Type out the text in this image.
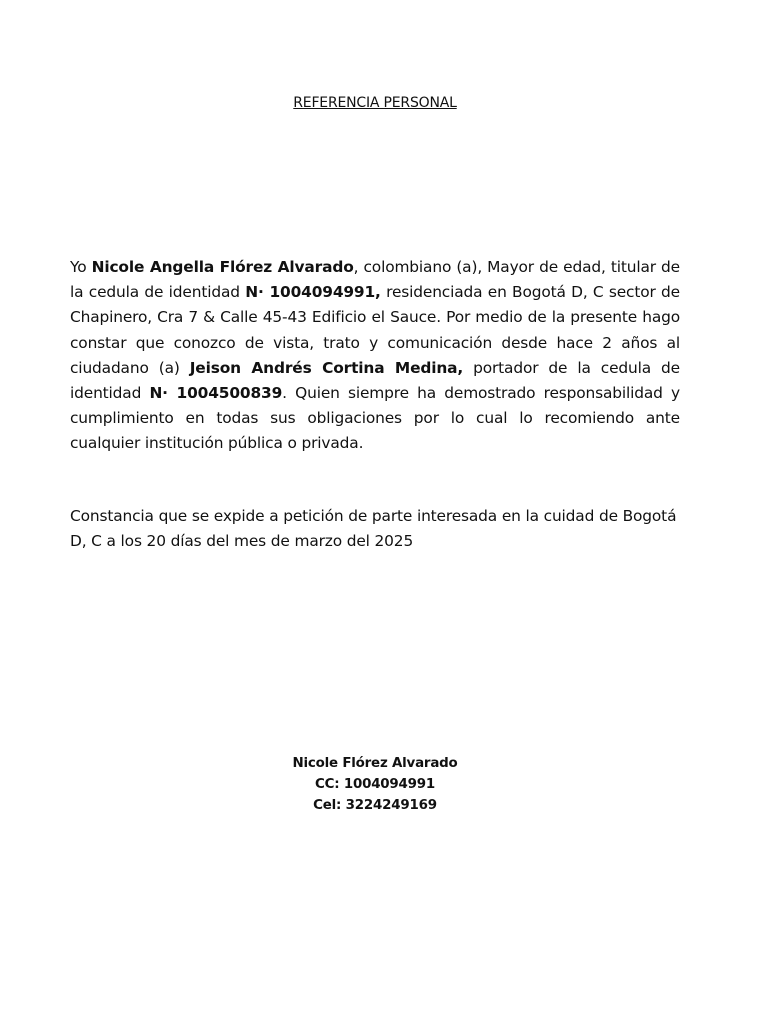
REFERENCIA PERSONAL
Yo Nicole Angella Flórez Alvarado, colombiano (a), Mayor de edad, titular de la cedula de identidad N· 1004094991, residenciada en Bogotá D, C sector de Chapinero, Cra 7 & Calle 45-43 Edificio el Sauce. Por medio de la presente hago constar que conozco de vista, trato y comunicación desde hace 2 años al ciudadano (a) Jeison Andrés Cortina Medina, portador de la cedula de identidad N· 1004500839. Quien siempre ha demostrado responsabilidad y cumplimiento en todas sus obligaciones por lo cual lo recomiendo ante cualquier institución pública o privada.
Constancia que se expide a petición de parte interesada en la cuidad de Bogotá D, C a los 20 días del mes de marzo del 2025
Nicole Flórez Alvarado
CC: 1004094991
Cel: 3224249169
